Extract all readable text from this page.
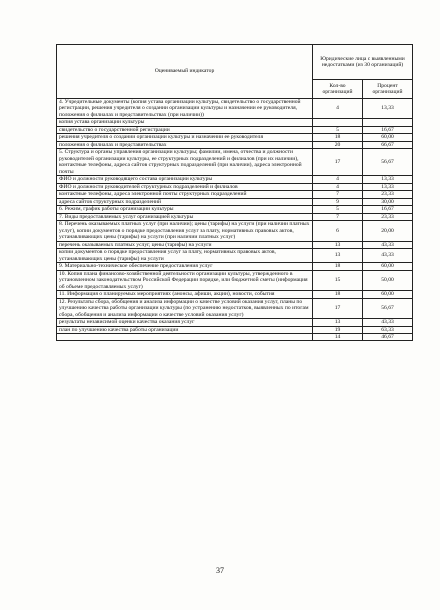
Оцениваемый индикатор	Юридические лица с выявленными недостатками (из 30 организаций)	
	Кол-во организаций	Процент организаций
4. Учредительные документы (копия устава организации культуры, свидетельство о государственной регистрации, решения учредителя о создании организации культуры и назначении ее руководителя, положения о филиалах и представительствах (при наличии))	4	13,33
копия устава организации культуры		
свидетельство о государственной регистрации	5	16,67
решения учредителя о создании организации культуры и назначении ее руководителя	18	60,00
положения о филиалах и представительствах	20	66,67
5. Структура и органы управления организации культуры; фамилии, имена, отчества и должности руководителей организации культуры, ее структурных подразделений и филиалов (при их наличии), контактные телефоны, адреса сайтов структурных подразделений (при наличии), адреса электронной почты	17	56,67
ФИО и должности руководящего состава организации культуры	4	13,33
ФИО и должности руководителей структурных подразделений и филиалов	4	13,33
контактные телефоны, адреса электронной почты структурных подразделений	7	23,33
адреса сайтов структурных подразделений	9	30,00
6. Режим, график работы организации культуры	5	16,67
7. Виды предоставляемых услуг организацией культуры	7	23,33
8. Перечень оказываемых платных услуг (при наличии); цены (тарифы) на услуги (при наличии платных услуг), копии документов о порядке предоставления услуг за плату, нормативных правовых актов, устанавливающих цены (тарифы) на услуги (при наличии платных услуг)	6	20,00
перечень оказываемых платных услуг, цены (тарифы) на услуги	13	43,33
копии документов о порядке предоставления услуг за плату, нормативных правовых актов, устанавливающих цены (тарифы) на услуги	13	43,33
9. Материально-техническое обеспечение предоставления услуг	18	60,00
10. Копия плана финансово-хозяйственной деятельности организации культуры, утвержденного в установленном законодательством Российской Федерации порядке, или бюджетной сметы (информация об объеме предоставляемых услуг)	15	50,00
11. Информация о планируемых мероприятиях (анонсы, афиши, акции), новости, события	18	60,00
12. Результаты сбора, обобщения и анализа информации о качестве условий оказания услуг, планы по улучшению качества работы организации культуры (по устранению недостатков, выявленных по итогам сбора, обобщения и анализа информации о качестве условий оказания услуг)	17	56,67
результаты независимой оценки качества оказания услуг	13	43,33
план по улучшению качества работы организации	19	63,33
	14	46,67
37
